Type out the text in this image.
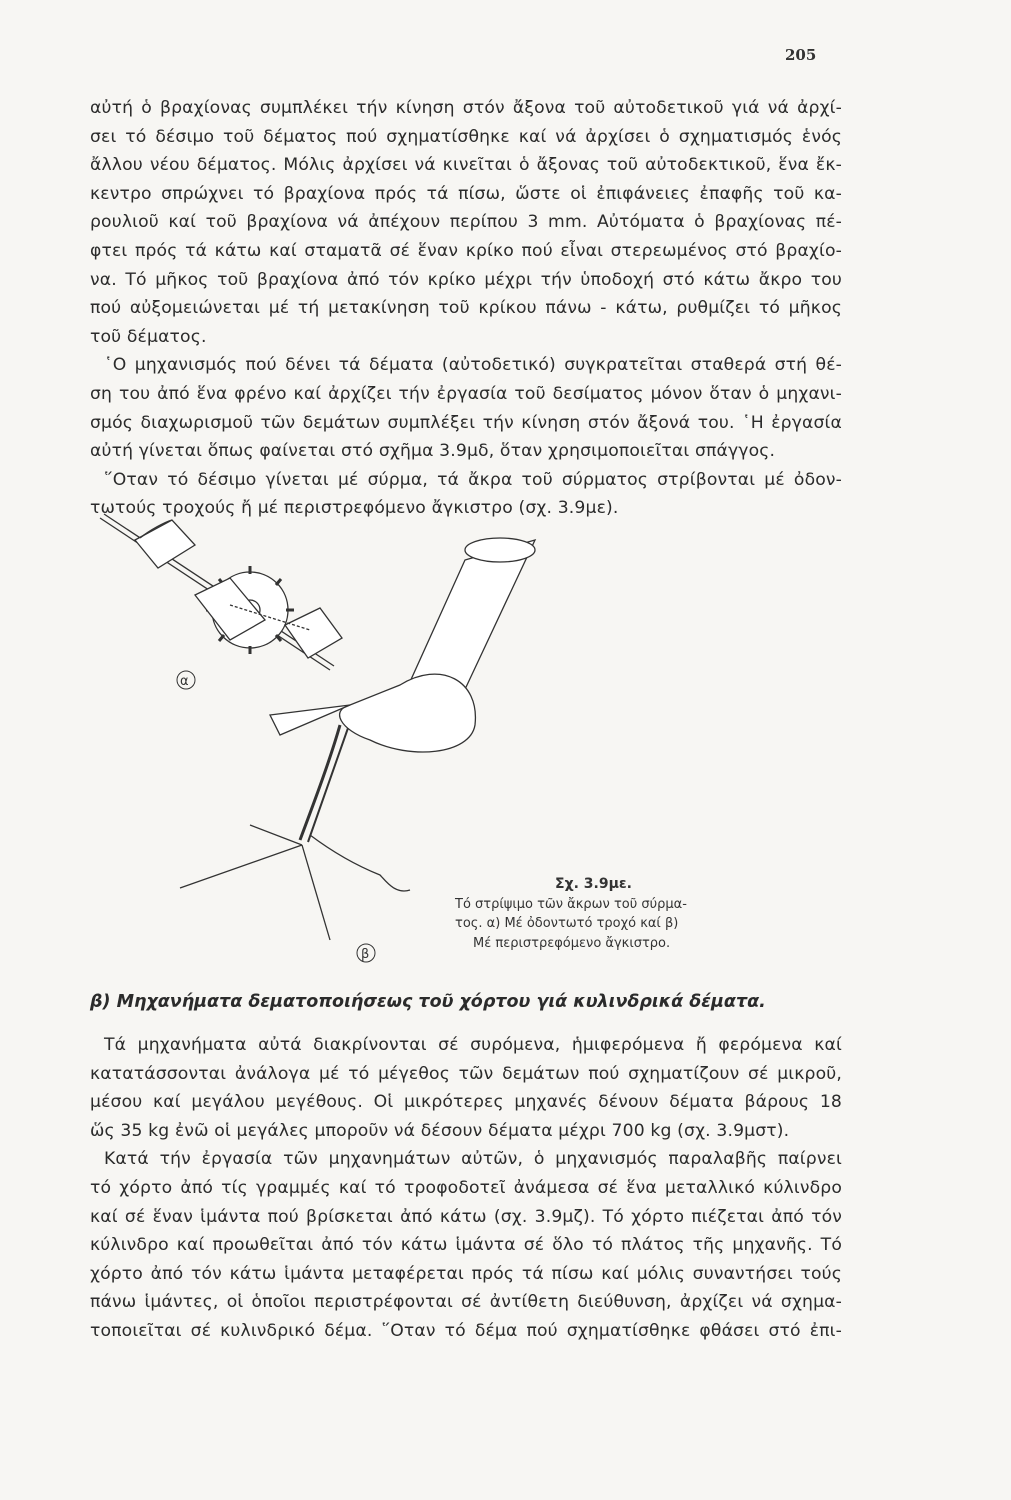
205
αὐτή ὁ βραχίονας συμπλέκει τήν κίνηση στόν ἄξονα τοῦ αὐτοδετικοῦ γιά νά ἀρχί-
σει τό δέσιμο τοῦ δέματος πού σχηματίσθηκε καί νά ἀρχίσει ὁ σχηματισμός ἑνός
ἄλλου νέου δέματος. Μόλις ἀρχίσει νά κινεῖται ὁ ἄξονας τοῦ αὐτοδεκτικοῦ, ἕνα ἔκ-
κεντρο σπρώχνει τό βραχίονα πρός τά πίσω, ὥστε οἱ ἐπιφάνειες ἐπαφῆς τοῦ κα-
ρουλιοῦ καί τοῦ βραχίονα νά ἀπέχουν περίπου 3 mm. Αὐτόματα ὁ βραχίονας πέ-
φτει πρός τά κάτω καί σταματᾶ σέ ἕναν κρίκο πού εἶναι στερεωμένος στό βραχίο-
να. Τό μῆκος τοῦ βραχίονα ἀπό τόν κρίκο μέχρι τήν ὑποδοχή στό κάτω ἄκρο του
πού αὐξομειώνεται μέ τή μετακίνηση τοῦ κρίκου πάνω - κάτω, ρυθμίζει τό μῆκος
τοῦ δέματος.
῾Ο μηχανισμός πού δένει τά δέματα (αὐτοδετικό) συγκρατεῖται σταθερά στή θέ-
ση του ἀπό ἕνα φρένο καί ἀρχίζει τήν ἐργασία τοῦ δεσίματος μόνον ὅταν ὁ μηχανι-
σμός διαχωρισμοῦ τῶν δεμάτων συμπλέξει τήν κίνηση στόν ἄξονά του. ῾Η ἐργασία
αὐτή γίνεται ὅπως φαίνεται στό σχῆμα 3.9μδ, ὅταν χρησιμοποιεῖται σπάγγος.
῞Οταν τό δέσιμο γίνεται μέ σύρμα, τά ἄκρα τοῦ σύρματος στρίβονται μέ ὀδον-
τωτούς τροχούς ἤ μέ περιστρεφόμενο ἄγκιστρο (σχ. 3.9με).
α
β
Σχ. 3.9με.
Τό στρίψιμο τῶν ἄκρων τοῦ σύρμα-
τος. α) Μέ ὀδοντωτό τροχό καί β)
Μέ περιστρεφόμενο ἄγκιστρο.
β) Μηχανήματα δεματοποιήσεως τοῦ χόρτου γιά κυλινδρικά δέματα.
Τά μηχανήματα αὐτά διακρίνονται σέ συρόμενα, ἡμιφερόμενα ἤ φερόμενα καί
κατατάσσονται ἀνάλογα μέ τό μέγεθος τῶν δεμάτων πού σχηματίζουν σέ μικροῦ,
μέσου καί μεγάλου μεγέθους. Οἱ μικρότερες μηχανές δένουν δέματα βάρους 18
ὥς 35 kg ἐνῶ οἱ μεγάλες μποροῦν νά δέσουν δέματα μέχρι 700 kg (σχ. 3.9μστ).
Κατά τήν ἐργασία τῶν μηχανημάτων αὐτῶν, ὁ μηχανισμός παραλαβῆς παίρνει
τό χόρτο ἀπό τίς γραμμές καί τό τροφοδοτεῖ ἀνάμεσα σέ ἕνα μεταλλικό κύλινδρο
καί σέ ἕναν ἱμάντα πού βρίσκεται ἀπό κάτω (σχ. 3.9μζ). Τό χόρτο πιέζεται ἀπό τόν
κύλινδρο καί προωθεῖται ἀπό τόν κάτω ἱμάντα σέ ὅλο τό πλάτος τῆς μηχανῆς. Τό
χόρτο ἀπό τόν κάτω ἱμάντα μεταφέρεται πρός τά πίσω καί μόλις συναντήσει τούς
πάνω ἱμάντες, οἱ ὁποῖοι περιστρέφονται σέ ἀντίθετη διεύθυνση, ἀρχίζει νά σχημα-
τοποιεῖται σέ κυλινδρικό δέμα. ῞Οταν τό δέμα πού σχηματίσθηκε φθάσει στό ἐπι-
